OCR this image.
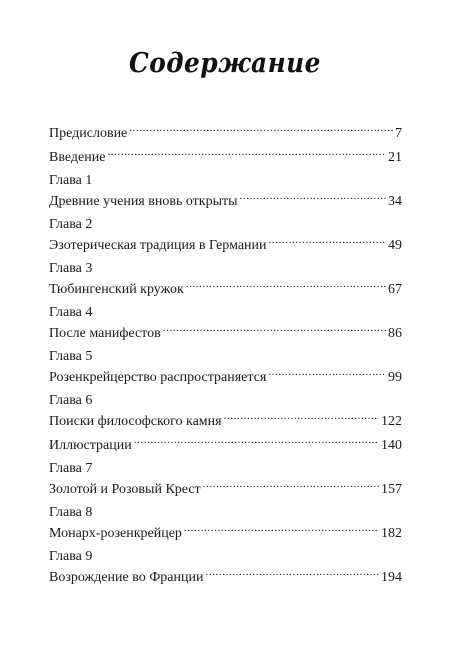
Содержание
Предисловие .....	7
Введение .....	21
Глава 1
Древние учения вновь открыты .....	34
Глава 2
Эзотерическая традиция в Германии .....	49
Глава 3
Тюбингенский кружок .....	67
Глава 4
После манифестов .....	86
Глава 5
Розенкрейцерство распространяется .....	99
Глава 6
Поиски философского камня .....	122
Иллюстрации .....	140
Глава 7
Золотой и Розовый Крест .....	157
Глава 8
Монарх-розенкрейцер .....	182
Глава 9
Возрождение во Франции .....	194
